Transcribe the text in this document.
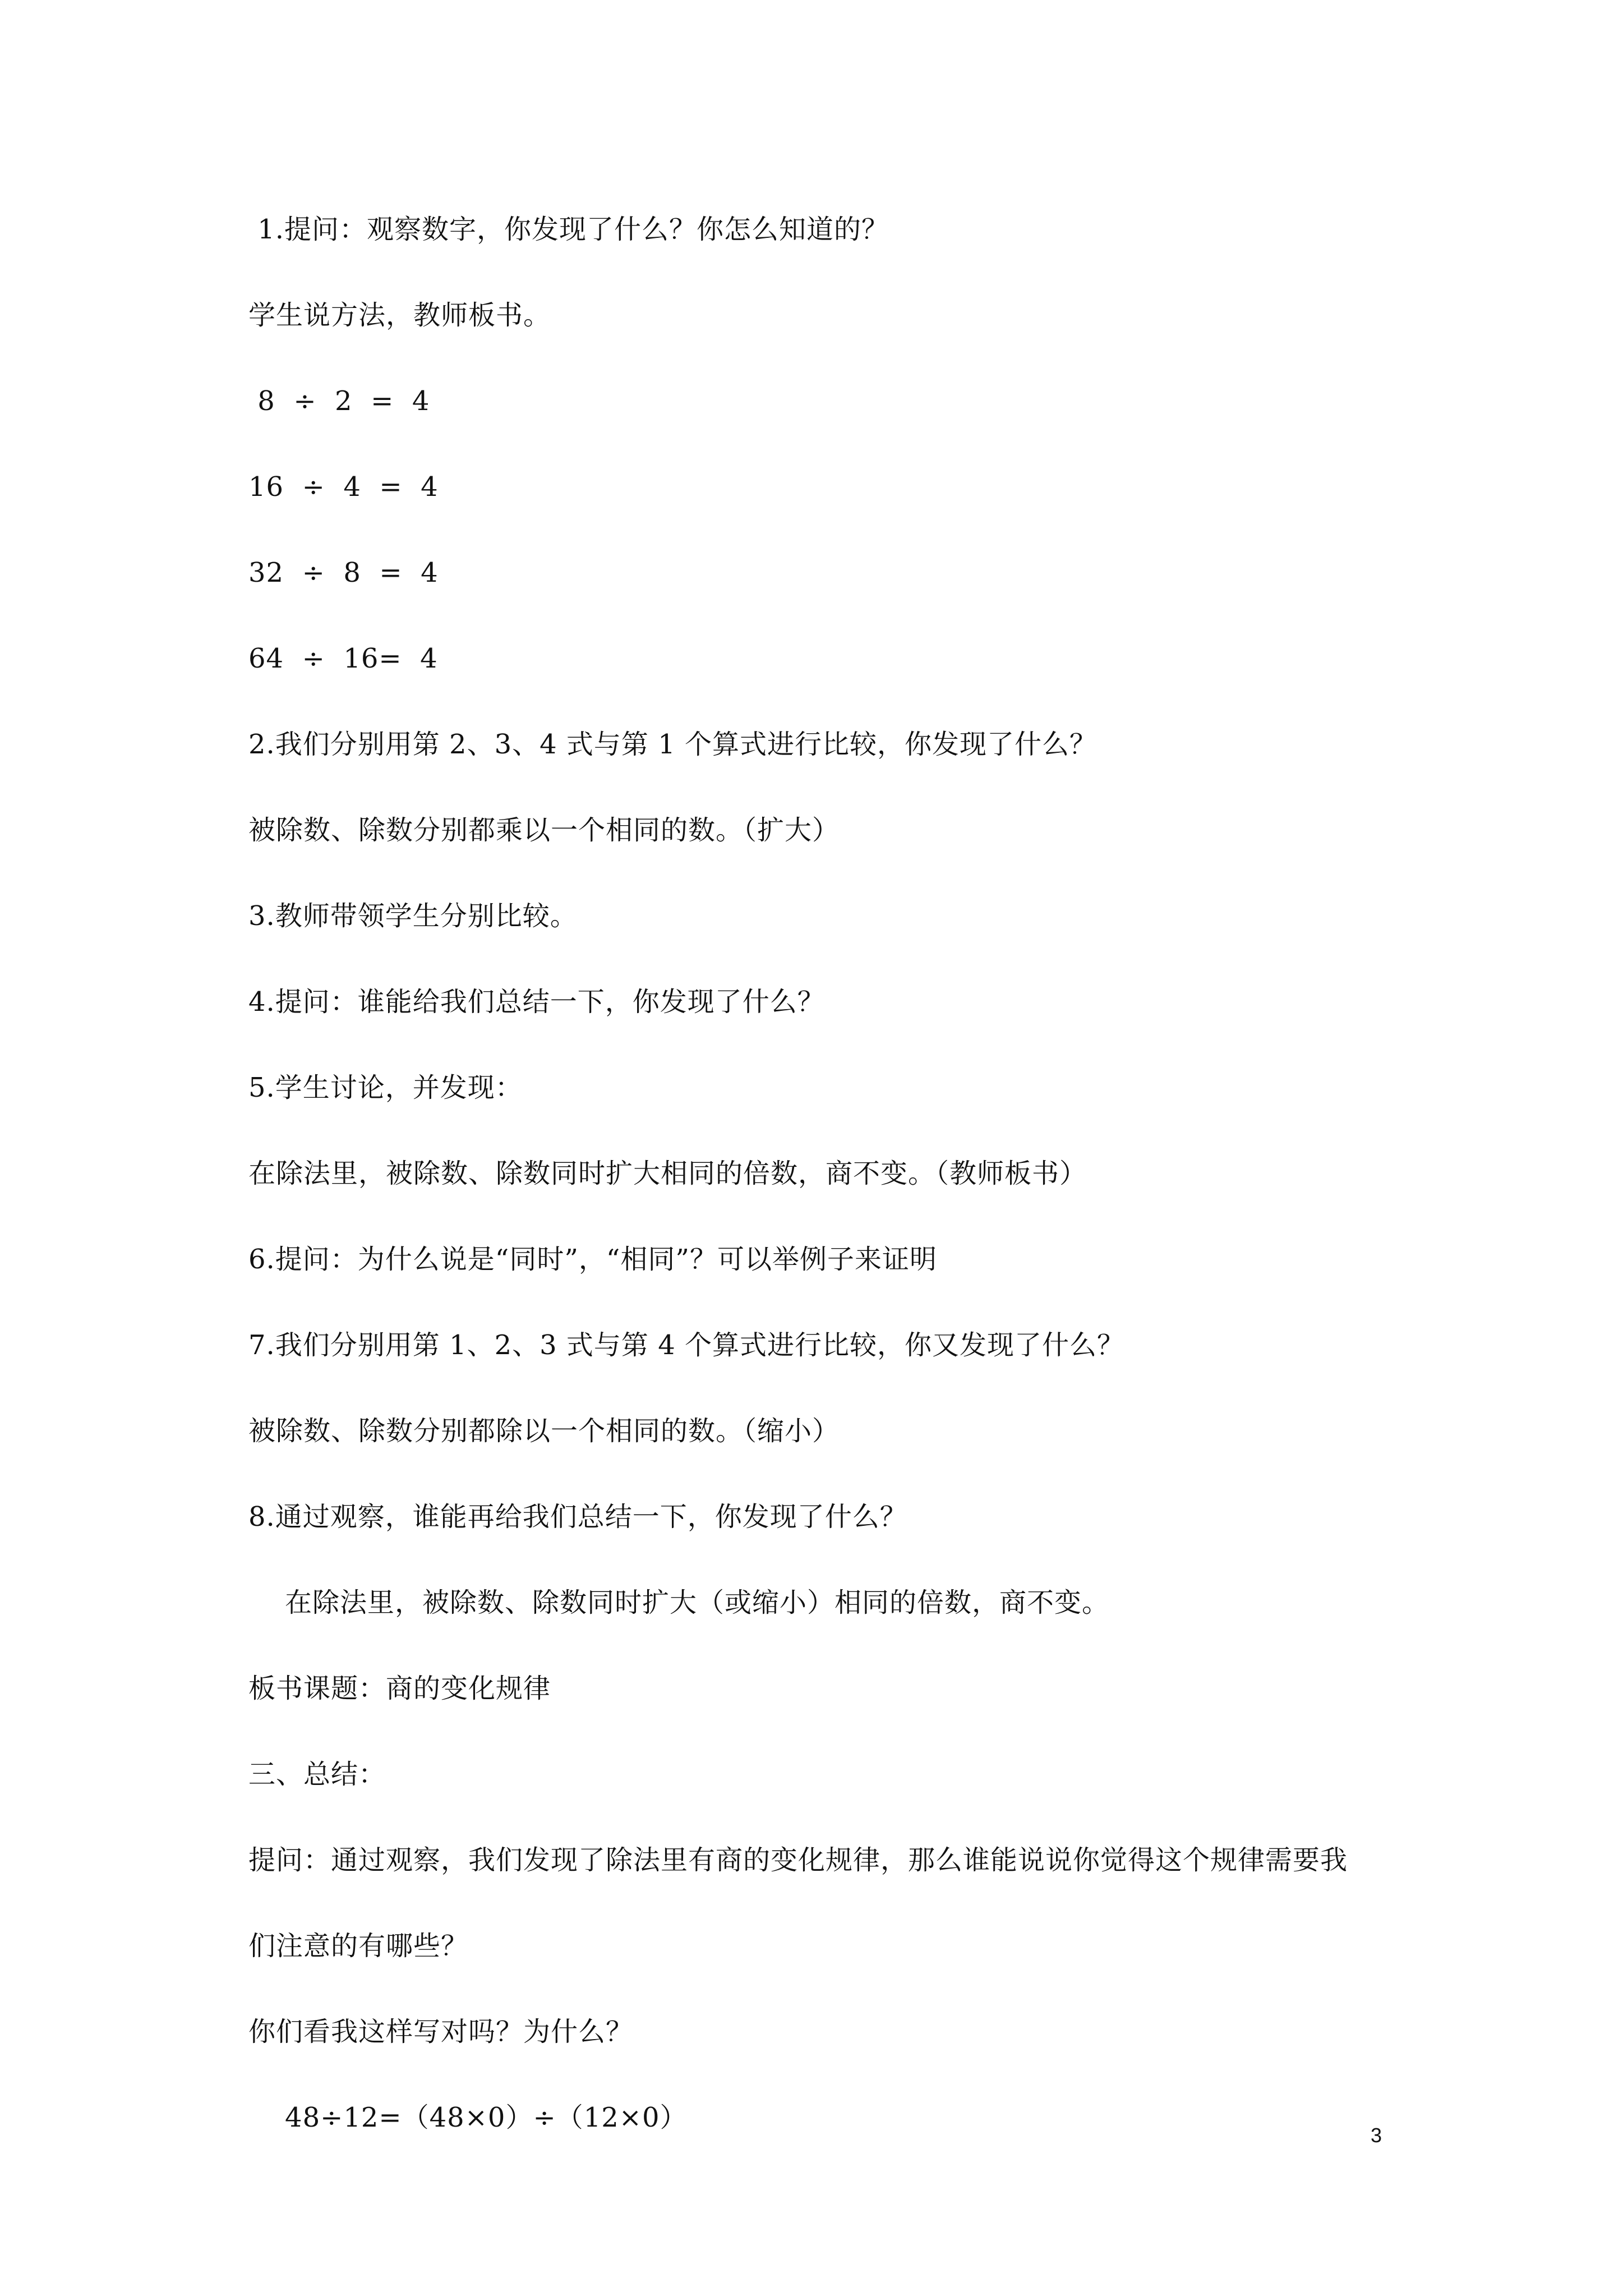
1.提问：观察数字，你发现了什么？你怎么知道的？
学生说方法，教师板书。
8  ÷  2  =  4
16  ÷  4  =  4
32  ÷  8  =  4
64  ÷  16=  4
2.我们分别用第 2、3、4 式与第 1 个算式进行比较，你发现了什么？
被除数、除数分别都乘以一个相同的数。（扩大）
3.教师带领学生分别比较。
4.提问：谁能给我们总结一下，你发现了什么？
5.学生讨论，并发现：
在除法里，被除数、除数同时扩大相同的倍数，商不变。（教师板书）
6.提问：为什么说是“同时”，“相同”？可以举例子来证明
7.我们分别用第 1、2、3 式与第 4 个算式进行比较，你又发现了什么？
被除数、除数分别都除以一个相同的数。（缩小）
8.通过观察，谁能再给我们总结一下，你发现了什么？
在除法里，被除数、除数同时扩大（或缩小）相同的倍数，商不变。
板书课题：商的变化规律
三、总结：
提问：通过观察，我们发现了除法里有商的变化规律，那么谁能说说你觉得这个规律需要我
们注意的有哪些？
你们看我这样写对吗？为什么？
48÷12=（48×0）÷（12×0）
3
